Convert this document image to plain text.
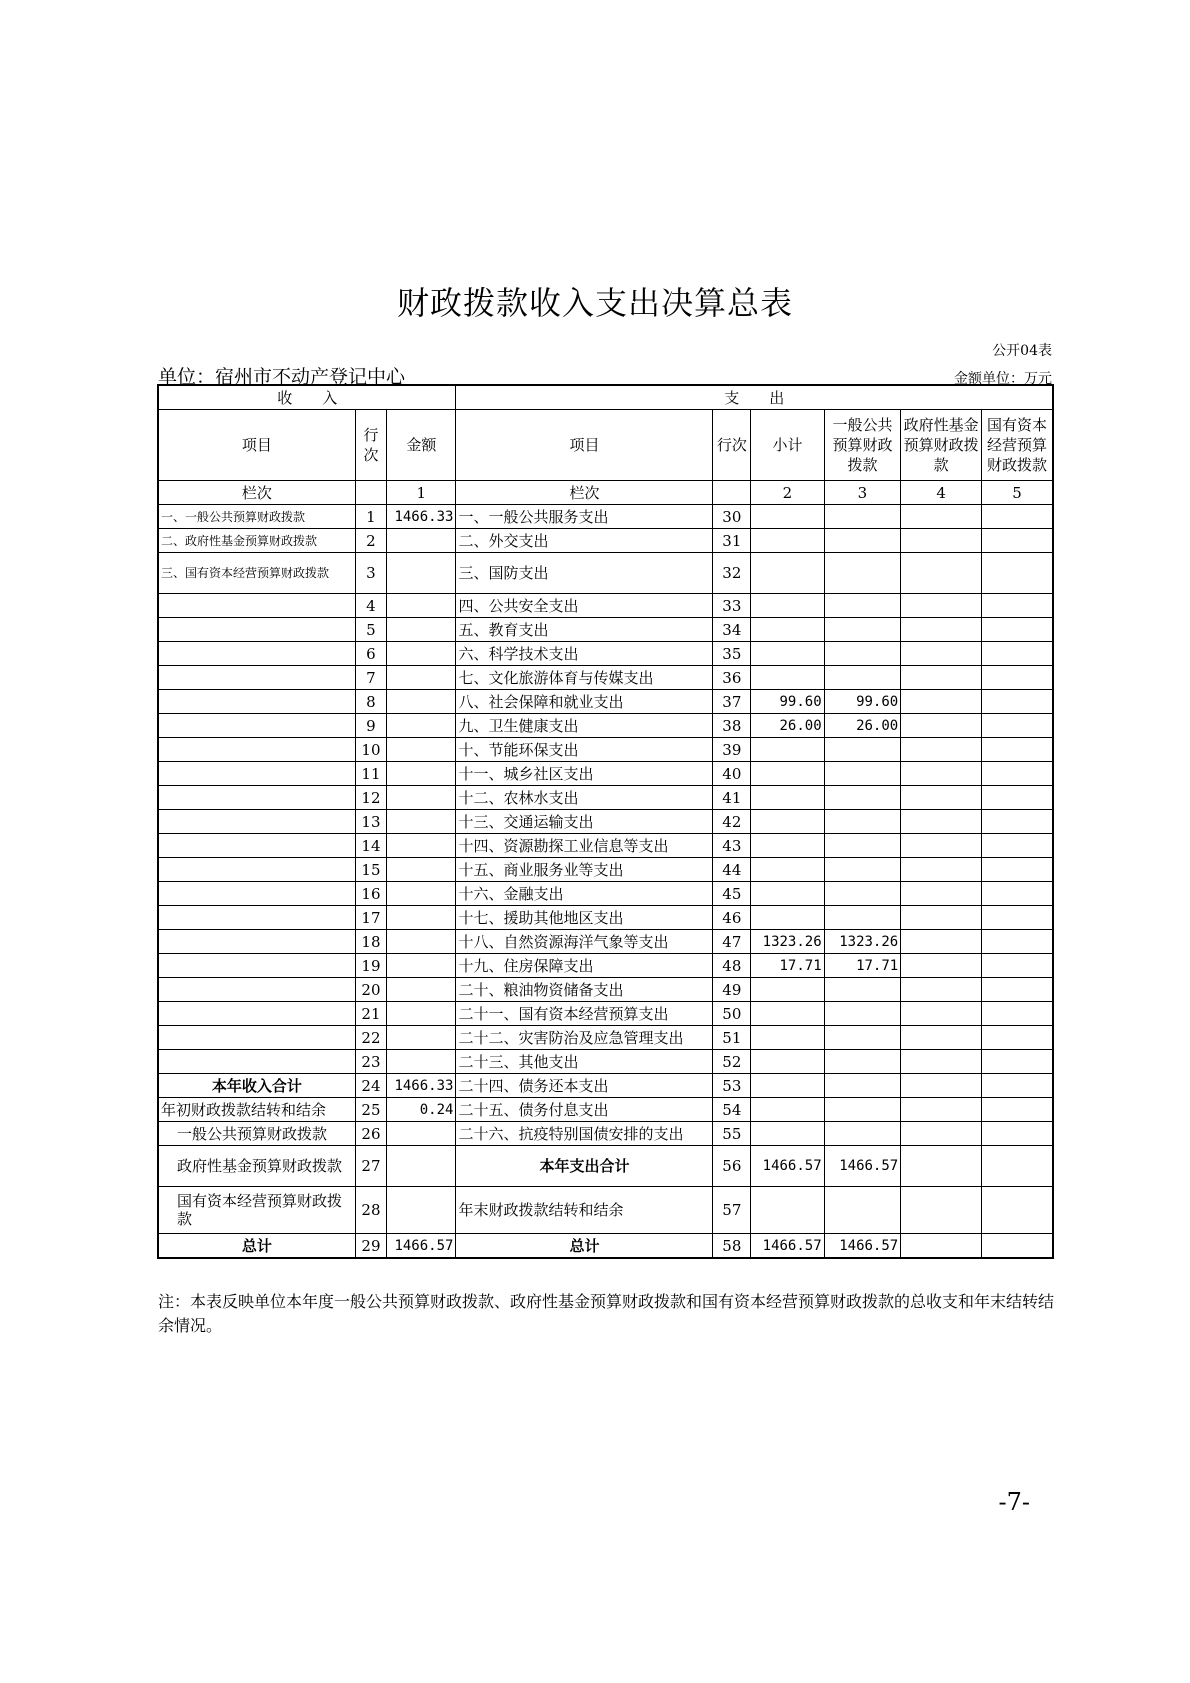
财政拨款收入支出决算总表
公开04表
单位：宿州市不动产登记中心	金额单位：万元
收　　入			支　　出					
项目	行次	金额	项目	行次	小计	一般公共预算财政拨款	政府性基金预算财政拨款	国有资本经营预算财政拨款
栏次		1	栏次		2	3	4	5
一、一般公共预算财政拨款	1	1466.33	一、一般公共服务支出	30				
二、政府性基金预算财政拨款	2		二、外交支出	31				
三、国有资本经营预算财政拨款	3		三、国防支出	32				
	4		四、公共安全支出	33				
	5		五、教育支出	34				
	6		六、科学技术支出	35				
	7		七、文化旅游体育与传媒支出	36				
	8		八、社会保障和就业支出	37	99.60	99.60		
	9		九、卫生健康支出	38	26.00	26.00		
	10		十、节能环保支出	39				
	11		十一、城乡社区支出	40				
	12		十二、农林水支出	41				
	13		十三、交通运输支出	42				
	14		十四、资源勘探工业信息等支出	43				
	15		十五、商业服务业等支出	44				
	16		十六、金融支出	45				
	17		十七、援助其他地区支出	46				
	18		十八、自然资源海洋气象等支出	47	1323.26	1323.26		
	19		十九、住房保障支出	48	17.71	17.71		
	20		二十、粮油物资储备支出	49				
	21		二十一、国有资本经营预算支出	50				
	22		二十二、灾害防治及应急管理支出	51				
	23		二十三、其他支出	52				
本年收入合计	24	1466.33	二十四、债务还本支出	53				
年初财政拨款结转和结余	25	0.24	二十五、债务付息支出	54				
一般公共预算财政拨款	26		二十六、抗疫特别国债安排的支出	55				
政府性基金预算财政拨款	27		本年支出合计	56	1466.57	1466.57		
国有资本经营预算财政拨款	28		年末财政拨款结转和结余	57				
总计	29	1466.57	总计	58	1466.57	1466.57		
注：本表反映单位本年度一般公共预算财政拨款、政府性基金预算财政拨款和国有资本经营预算财政拨款的总收支和年末结转结余情况。
-7-
